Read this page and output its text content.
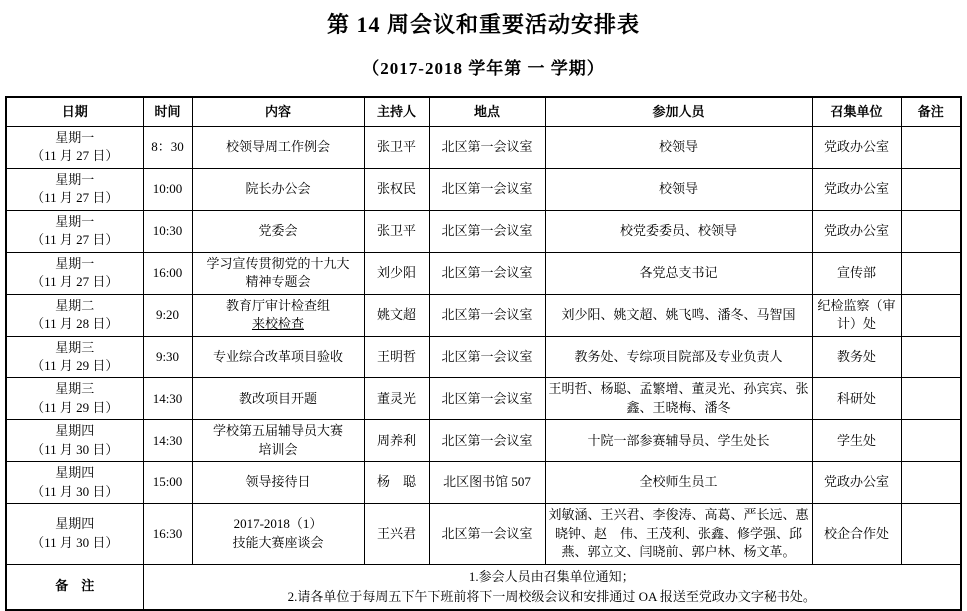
第 14 周会议和重要活动安排表
（2017-2018 学年第 一 学期）
日期	时间	内容	主持人	地点	参加人员	召集单位	备注

星期一
（11 月 27 日）	8：30	校领导周工作例会	张卫平	北区第一会议室	校领导	党政办公室	

星期一
（11 月 27 日）	10:00	院长办公会	张权民	北区第一会议室	校领导	党政办公室	

星期一
（11 月 27 日）	10:30	党委会	张卫平	北区第一会议室	校党委委员、校领导	党政办公室	

星期一
（11 月 27 日）
	16:00	
学习宣传贯彻党的十九大
精神专题会
	刘少阳	北区第一会议室	各党总支书记	宣传部	

星期二
（11 月 28 日）
	9:20	
教育厅审计检查组
来校检查
	姚文超	北区第一会议室	刘少阳、姚文超、姚飞鸣、潘冬、马智国	纪检监察（审计）处	

星期三
（11 月 29 日）	9:30	专业综合改革项目验收	王明哲	北区第一会议室	教务处、专综项目院部及专业负责人	教务处	

星期三
（11 月 29 日）	14:30	教改项目开题	董灵光	北区第一会议室	王明哲、杨聪、孟繁增、董灵光、孙宾宾、张鑫、王晓梅、潘冬	科研处	

星期四
（11 月 30 日）
	14:30	
学校第五届辅导员大赛
培训会
	周养利	北区第一会议室	十院一部参赛辅导员、学生处长	学生处	

星期四
（11 月 30 日）	15:00	领导接待日	杨　聪	北区图书馆 507	全校师生员工	党政办公室	

星期四
（11 月 30 日）
	16:30	
2017-2018（1）
技能大赛座谈会
	王兴君	北区第一会议室	刘敏涵、王兴君、李俊涛、高葛、严长远、惠晓钟、赵　伟、王茂利、张鑫、修学强、邱燕、郭立文、闫晓前、郭户林、杨文革。	校企合作处	
备　注	1.参会人员由召集单位通知；
2.请各单位于每周五下午下班前将下一周校级会议和安排通过 OA 报送至党政办文字秘书处。						
